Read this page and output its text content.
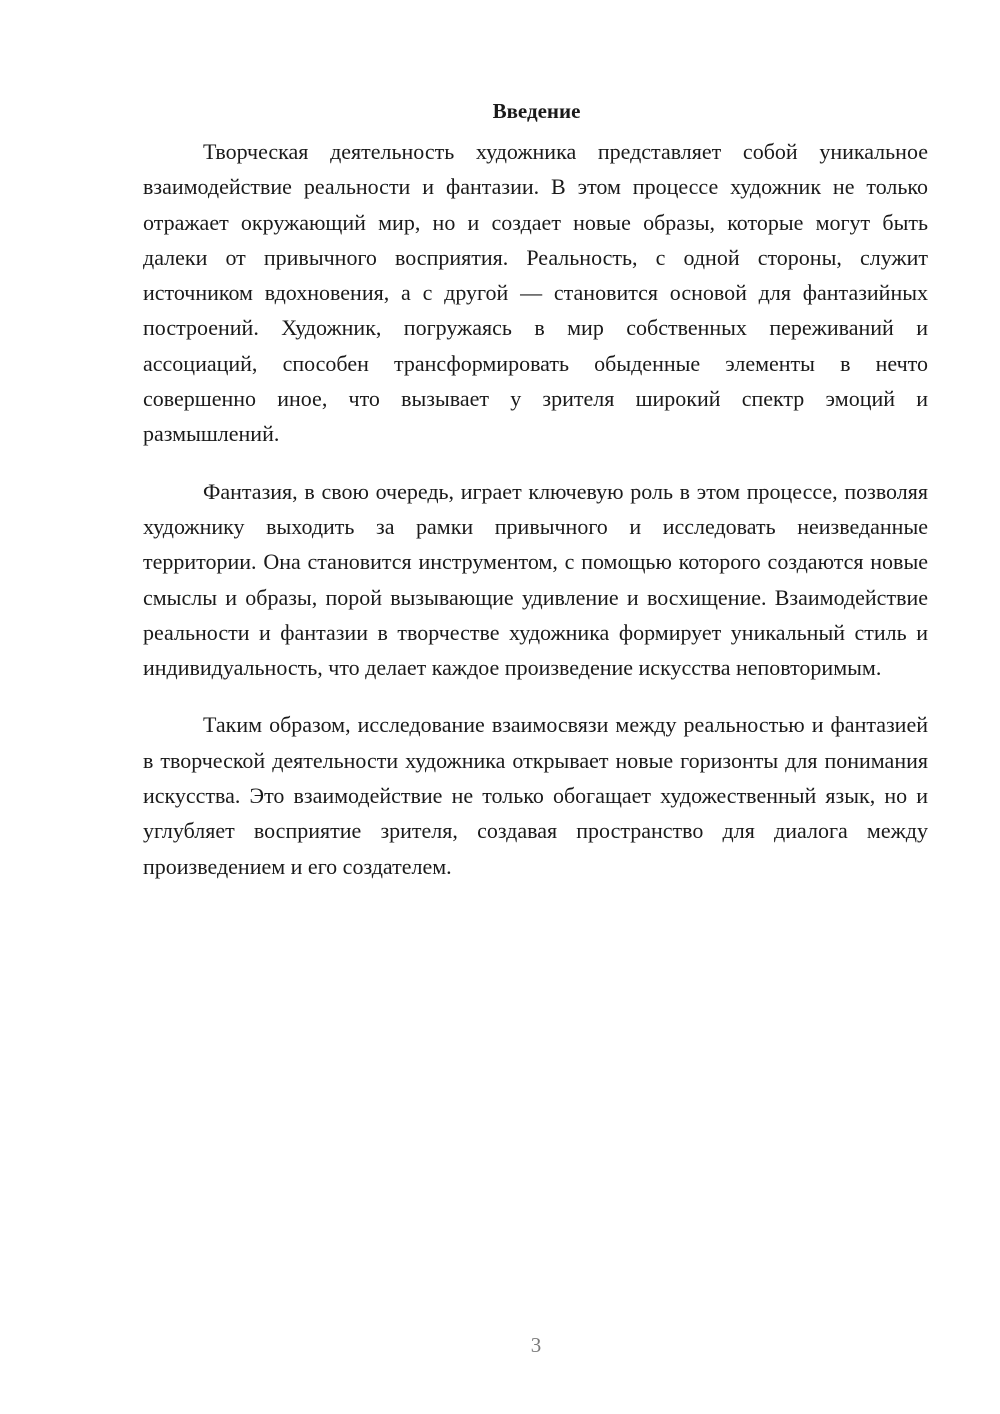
Введение

Творческая деятельность художника представляет собой уникальное взаимодействие реальности и фантазии. В этом процессе художник не только отражает окружающий мир, но и создает новые образы, которые могут быть далеки от привычного восприятия. Реальность, с одной стороны, служит источником вдохновения, а с другой — становится основой для фантазийных построений. Художник, погружаясь в мир собственных переживаний и ассоциаций, способен трансформировать обыденные элементы в нечто совершенно иное, что вызывает у зрителя широкий спектр эмоций и размышлений.

Фантазия, в свою очередь, играет ключевую роль в этом процессе, позволяя художнику выходить за рамки привычного и исследовать неизведанные территории. Она становится инструментом, с помощью которого создаются новые смыслы и образы, порой вызывающие удивление и восхищение. Взаимодействие реальности и фантазии в творчестве художника формирует уникальный стиль и индивидуальность, что делает каждое произведение искусства неповторимым.

Таким образом, исследование взаимосвязи между реальностью и фантазией в творческой деятельности художника открывает новые горизонты для понимания искусства. Это взаимодействие не только обогащает художественный язык, но и углубляет восприятие зрителя, создавая пространство для диалога между произведением и его создателем.

3
